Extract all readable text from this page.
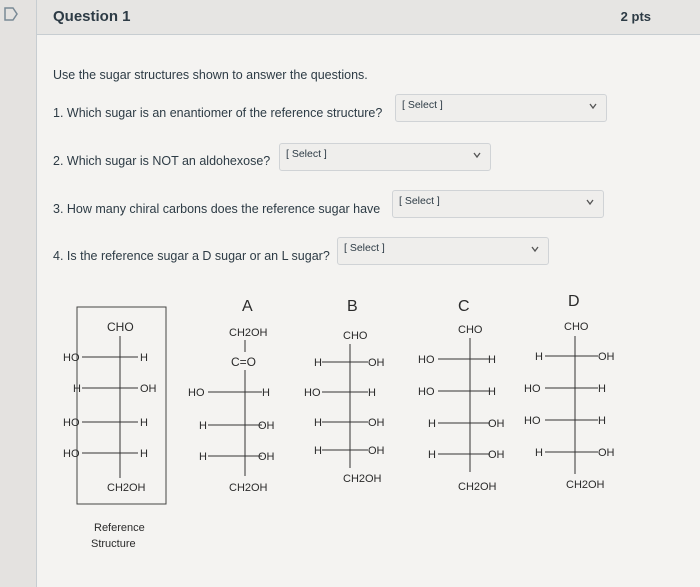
Question 1	2 pts
Use the sugar structures shown to answer the questions.
1. Which sugar is an enantiomer of the reference structure?
[ Select ]
2. Which sugar is NOT an aldohexose? [ Select ]
3. How many chiral carbons does the reference sugar have
[ Select ]
4. Is the reference sugar a D sugar or an L sugar?
[ Select ]
Reference
Structure
A	B	C	D
CHO
HO	H
H	OH
HO	H
HO	H
CH2OH
CH2OH
C=O
HO	H
H	OH
H	OH
CH2OH
CHO
H	OH
HO	H
H	OH
H	OH
CH2OH
CHO
HO	H
HO	H
H	OH
H	OH
CH2OH
CHO
H	OH
HO	H
HO	H
H	OH
CH2OH
